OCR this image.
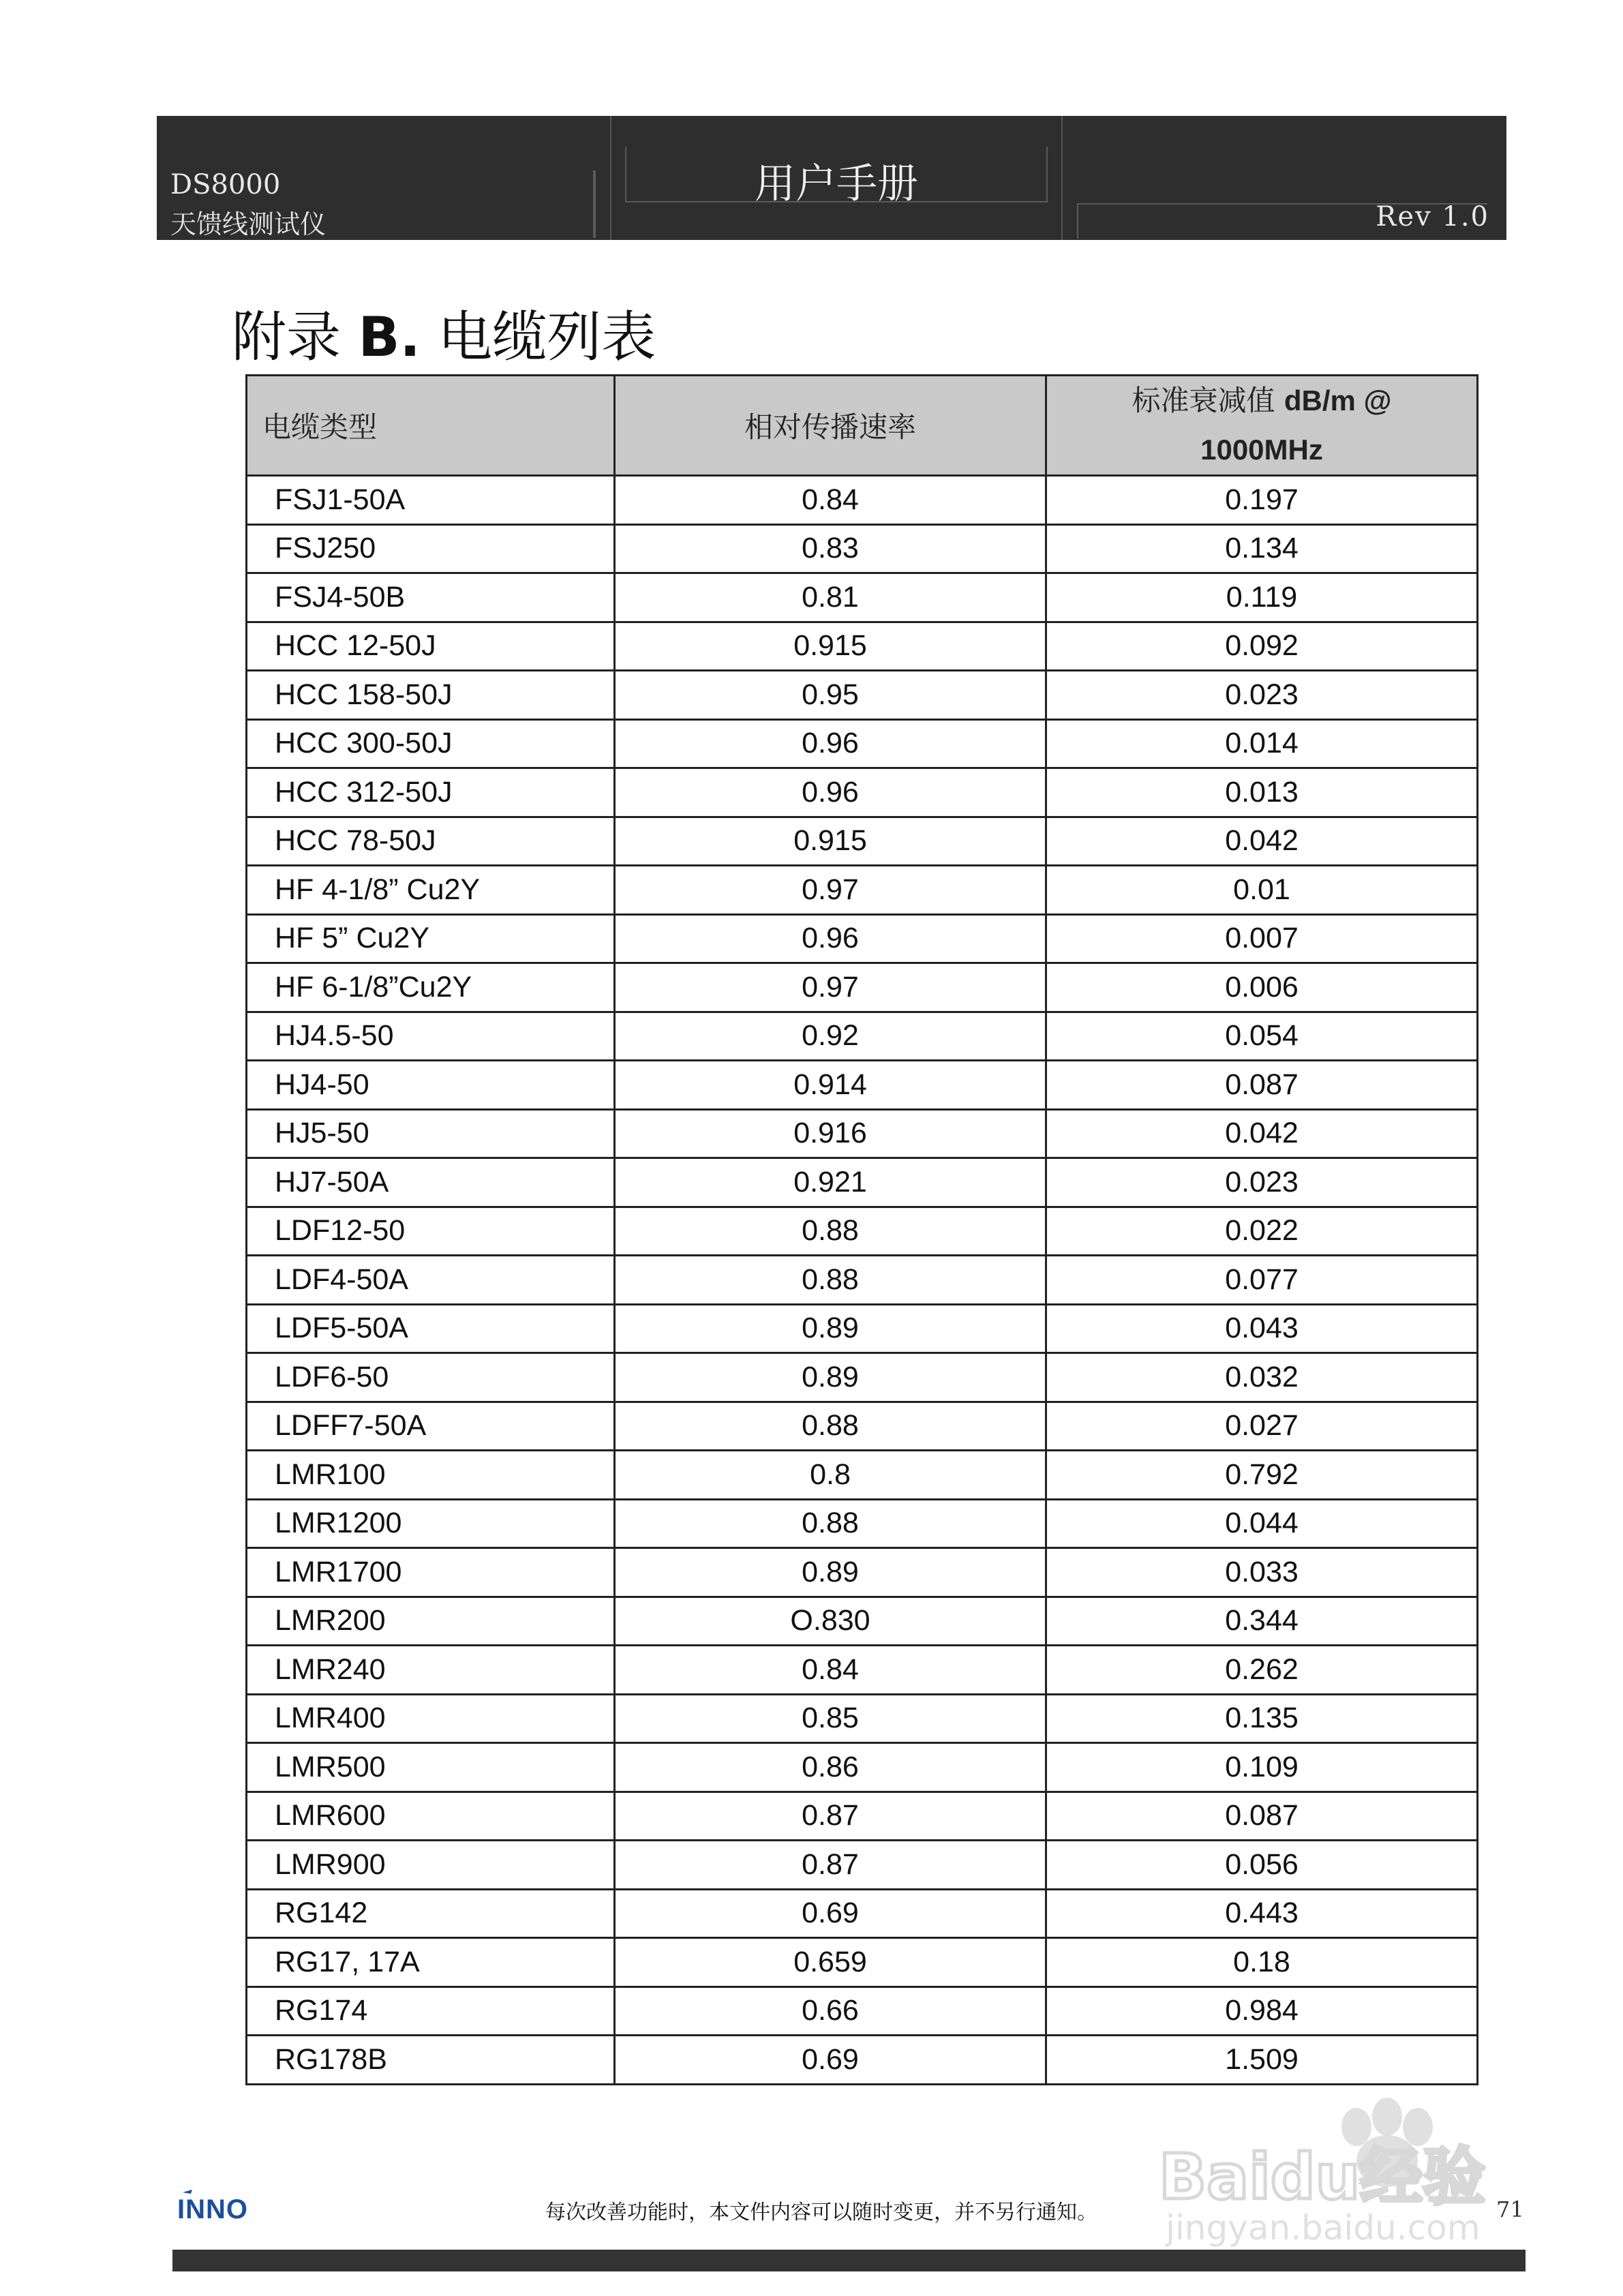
DS8000
天馈线测试仪
用户手册
Rev 1.0
附录 B. 电缆列表
电缆类型	相对传播速率	标准衰减值 dB/m @
1000MHz

FSJ1-50A	0.84	0.197
FSJ250	0.83	0.134
FSJ4-50B	0.81	0.119
HCC 12-50J	0.915	0.092
HCC 158-50J	0.95	0.023
HCC 300-50J	0.96	0.014
HCC 312-50J	0.96	0.013
HCC 78-50J	0.915	0.042
HF 4-1/8” Cu2Y	0.97	0.01
HF 5” Cu2Y	0.96	0.007
HF 6-1/8”Cu2Y	0.97	0.006
HJ4.5-50	0.92	0.054
HJ4-50	0.914	0.087
HJ5-50	0.916	0.042
HJ7-50A	0.921	0.023
LDF12-50	0.88	0.022
LDF4-50A	0.88	0.077
LDF5-50A	0.89	0.043
LDF6-50	0.89	0.032
LDFF7-50A	0.88	0.027
LMR100	0.8	0.792
LMR1200	0.88	0.044
LMR1700	0.89	0.033
LMR200	O.830	0.344
LMR240	0.84	0.262
LMR400	0.85	0.135
LMR500	0.86	0.109
LMR600	0.87	0.087
LMR900	0.87	0.056
RG142	0.69	0.443
RG17, 17A	0.659	0.18
RG174	0.66	0.984
RG178B	0.69	1.509
Baidu经验
jingyan.baidu.com
INNO	每次改善功能时，本文件内容可以随时变更，并不另行通知。	71
